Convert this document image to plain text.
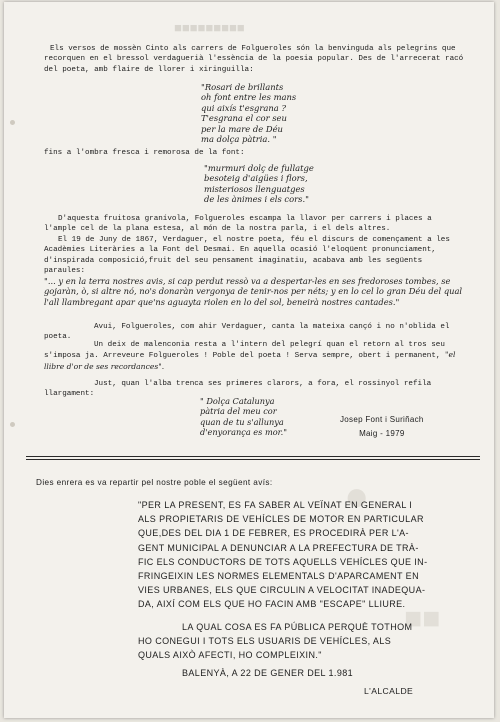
■■■■■■■■■
●
■■

Els versos de mossèn Cinto als carrers de Folgueroles són la benvinguda als pelegrins que recorquen en el bressol verdaguerià l'essència de la poesia popular. Des de l'arrecerat racó del poeta, amb flaire de llorer i xiringuilla:

"Rosari de brillants
oh font entre les mans
qui aixís t'esgrana ?
T'esgrana el cor seu
per la mare de Déu
ma dolça pàtria. "

fins a l'ombra fresca i remorosa de la font:

"murmuri dolç de fullatge
besoteig d'aigües i flors,
misteriosos llenguatges
de les ànimes i els cors."

D'aquesta fruitosa granívola, Folgueroles escampa la llavor per carrers i places a l'ample cel de la plana estesa, al món de la nostra parla, i el dels altres.

El 19 de Juny de 1867, Verdaguer, el nostre poeta, féu el discurs de començament a les Acadèmies Literàries a la Font del Desmai. En aquella ocasió l'eloqüent pronunciament, d'inspirada composició,fruit del seu pensament imaginatiu, acabava amb les següents paraules:

"... y en la terra nostres avis, si cap perdut ressò va a despertar-les en ses fredoroses tombes, se gojaràn, ò, si altre nó, no's donaràn vergonya de tenir-nos per néts; y en lo cel lo gran Déu del qual l'all llambregant apar que'ns aguayta riolen en lo del sol, beneirà nostres cantades."

Avui, Folgueroles, com ahir Verdaguer, canta la mateixa cançó i no n'oblida el poeta.

Un deix de malenconia resta a l'intern del pelegrí quan el retorn al tros seu s'imposa ja. Arreveure Folgueroles ! Poble del poeta ! Serva sempre, obert i permanent, "el llibre d'or de ses recordances".

Just, quan l'alba trenca ses primeres clarors, a fora, el rossinyol refila llargament:

" Dolça Catalunya
pàtria del meu cor
quan de tu s'allunya
d'enyorança es mor."
Josep Font i Suriñach
Maig - 1979

Dies enrera es va repartir pel nostre poble el següent avís:

"PER LA PRESENT, ES FA SABER AL VEÏNAT EN GENERAL I
ALS PROPIETARIS DE VEHÍCLES DE MOTOR EN PARTICULAR
QUE,DES DEL DIA 1 DE FEBRER, ES PROCEDIRÀ PER L'A-
GENT MUNICIPAL A DENUNCIAR A LA PREFECTURA DE TRÀ-
FIC ELS CONDUCTORS DE TOTS AQUELLS VEHÍCLES QUE IN-
FRINGEIXIN LES NORMES ELEMENTALS D'APARCAMENT EN
VIES URBANES, ELS QUE CIRCULIN A VELOCITAT INADEQUA-
DA, AIXÍ COM ELS QUE HO FACIN AMB "ESCAPE" LLIURE.
LA QUAL COSA ES FA PÚBLICA PERQUÈ TOTHOM
HO CONEGUI I TOTS ELS USUARIS DE VEHÍCLES, ALS
QUALS AIXÒ AFECTI, HO COMPLEIXIN."

BALENYÀ, A 22 DE GENER DEL 1.981

L'ALCALDE
